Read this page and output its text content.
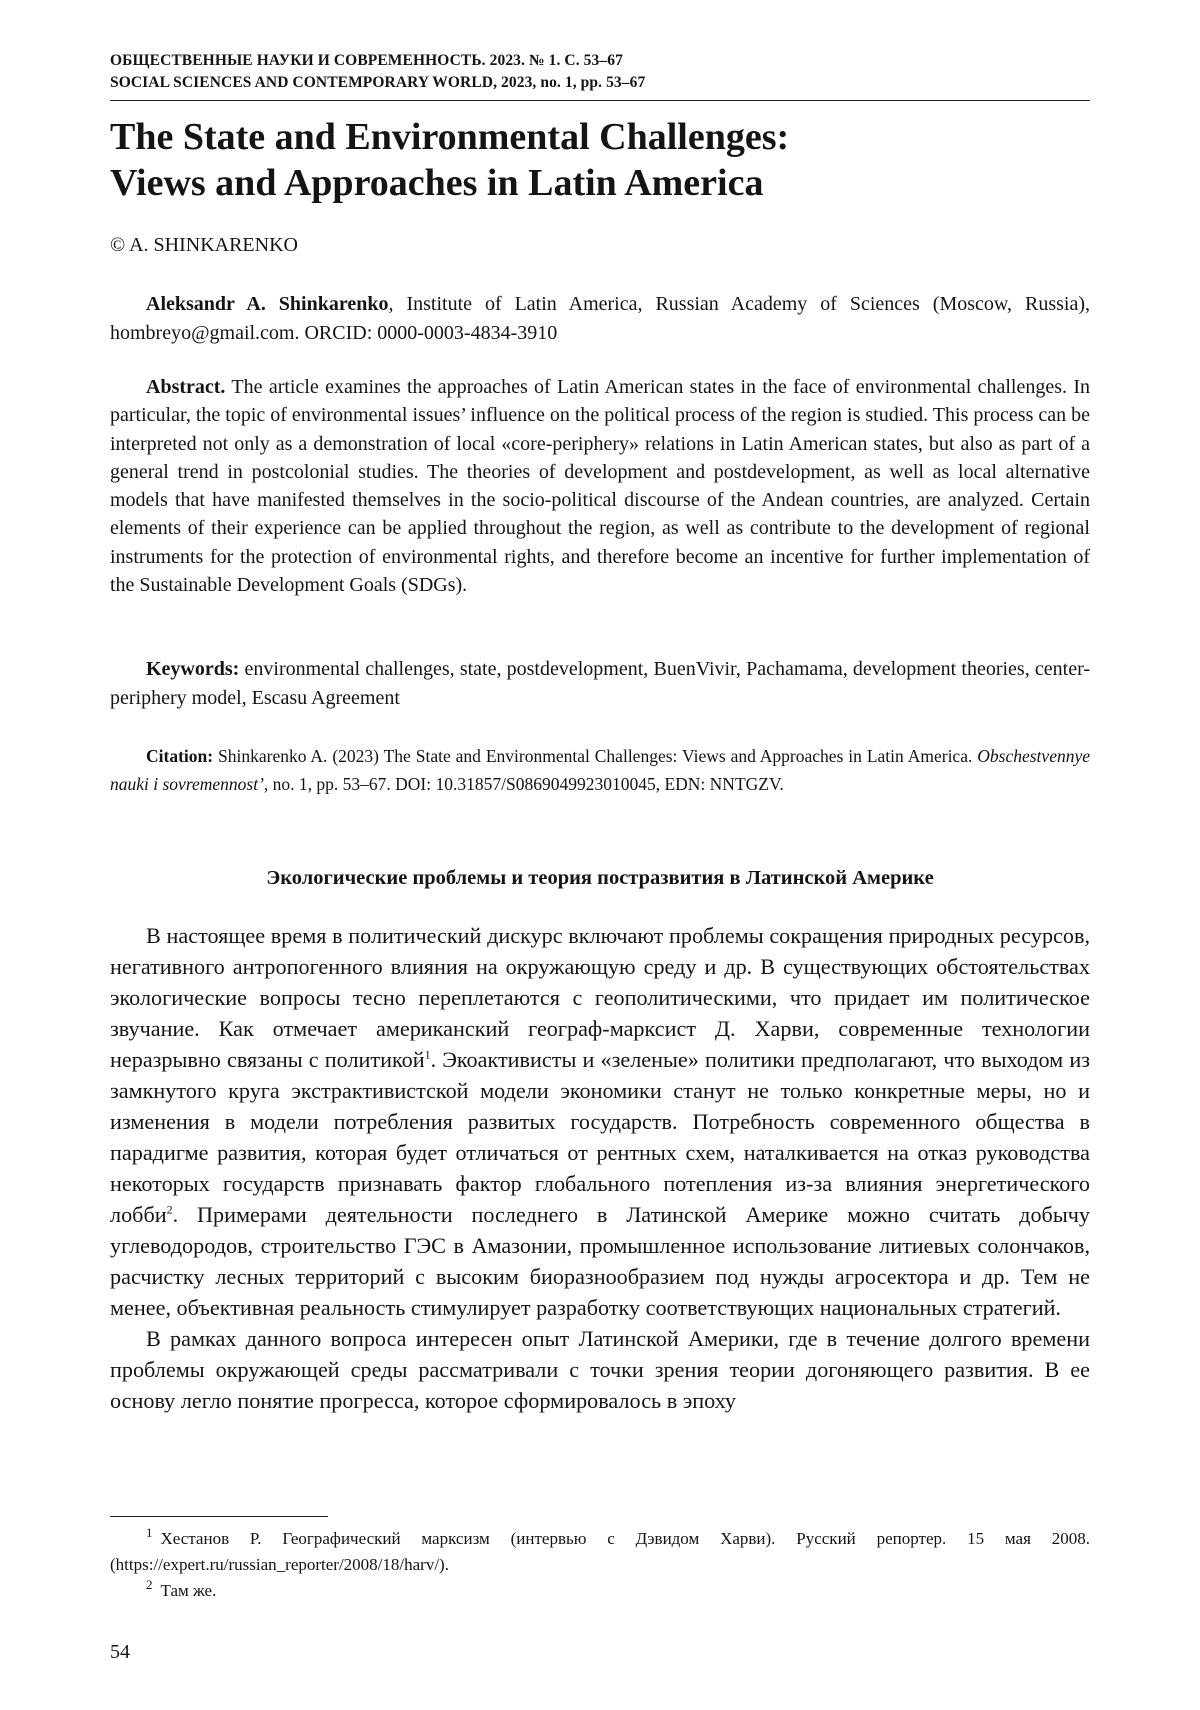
ОБЩЕСТВЕННЫЕ НАУКИ И СОВРЕМЕННОСТЬ. 2023. № 1. С. 53–67
SOCIAL SCIENCES AND CONTEMPORARY WORLD, 2023, no. 1, pp. 53–67
The State and Environmental Challenges:
Views and Approaches in Latin America
© A. SHINKARENKO
Aleksandr A. Shinkarenko, Institute of Latin America, Russian Academy of Sciences (Moscow, Russia), hombreyo@gmail.com. ORCID: 0000-0003-4834-3910
Abstract. The article examines the approaches of Latin American states in the face of environmental challenges. In particular, the topic of environmental issues’ influence on the political process of the region is studied. This process can be interpreted not only as a demonstration of local «core-periphery» relations in Latin American states, but also as part of a general trend in postcolonial studies. The theories of development and postdevelopment, as well as local alternative models that have manifested themselves in the socio-political discourse of the Andean countries, are analyzed. Certain elements of their experience can be applied throughout the region, as well as contribute to the development of regional instruments for the protection of environmental rights, and therefore become an incentive for further implementation of the Sustainable Development Goals (SDGs).
Keywords: environmental challenges, state, postdevelopment, BuenVivir, Pachamama, development theories, center-periphery model, Escasu Agreement
Citation: Shinkarenko A. (2023) The State and Environmental Challenges: Views and Approaches in Latin America. Obschestvennye nauki i sovremennost’, no. 1, pp. 53–67. DOI: 10.31857/S0869049923010045, EDN: NNTGZV.
Экологические проблемы и теория постразвития в Латинской Америке

В настоящее время в политический дискурс включают проблемы сокращения природных ресурсов, негативного антропогенного влияния на окружающую среду и др. В существующих обстоятельствах экологические вопросы тесно переплетаются с геополитическими, что придает им политическое звучание. Как отмечает американский географ-марксист Д. Харви, современные технологии неразрывно связаны с политикой$^1$. Экоактивисты и «зеленые» политики предполагают, что выходом из замкнутого круга экстрактивистской модели экономики станут не только конкретные меры, но и изменения в модели потребления развитых государств. Потребность современного общества в парадигме развития, которая будет отличаться от рентных схем, наталкивается на отказ руководства некоторых государств признавать фактор глобального потепления из-за влияния энергетического лобби$^2$. Примерами деятельности последнего в Латинской Америке можно считать добычу углеводородов, строительство ГЭС в Амазонии, промышленное использование литиевых солончаков, расчистку лесных территорий с высоким биоразнообразием под нужды агросектора и др. Тем не менее, объективная реальность стимулирует разработку соответствующих национальных стратегий.

В рамках данного вопроса интересен опыт Латинской Америки, где в течение долгого времени проблемы окружающей среды рассматривали с точки зрения теории догоняющего развития. В ее основу легло понятие прогресса, которое сформировалось в эпоху

$^1$ Хестанов Р. Географический марксизм (интервью с Дэвидом Харви). Русский репортер. 15 мая 2008. (https://expert.ru/russian_reporter/2008/18/harv/).

$^2$ Там же.

54
